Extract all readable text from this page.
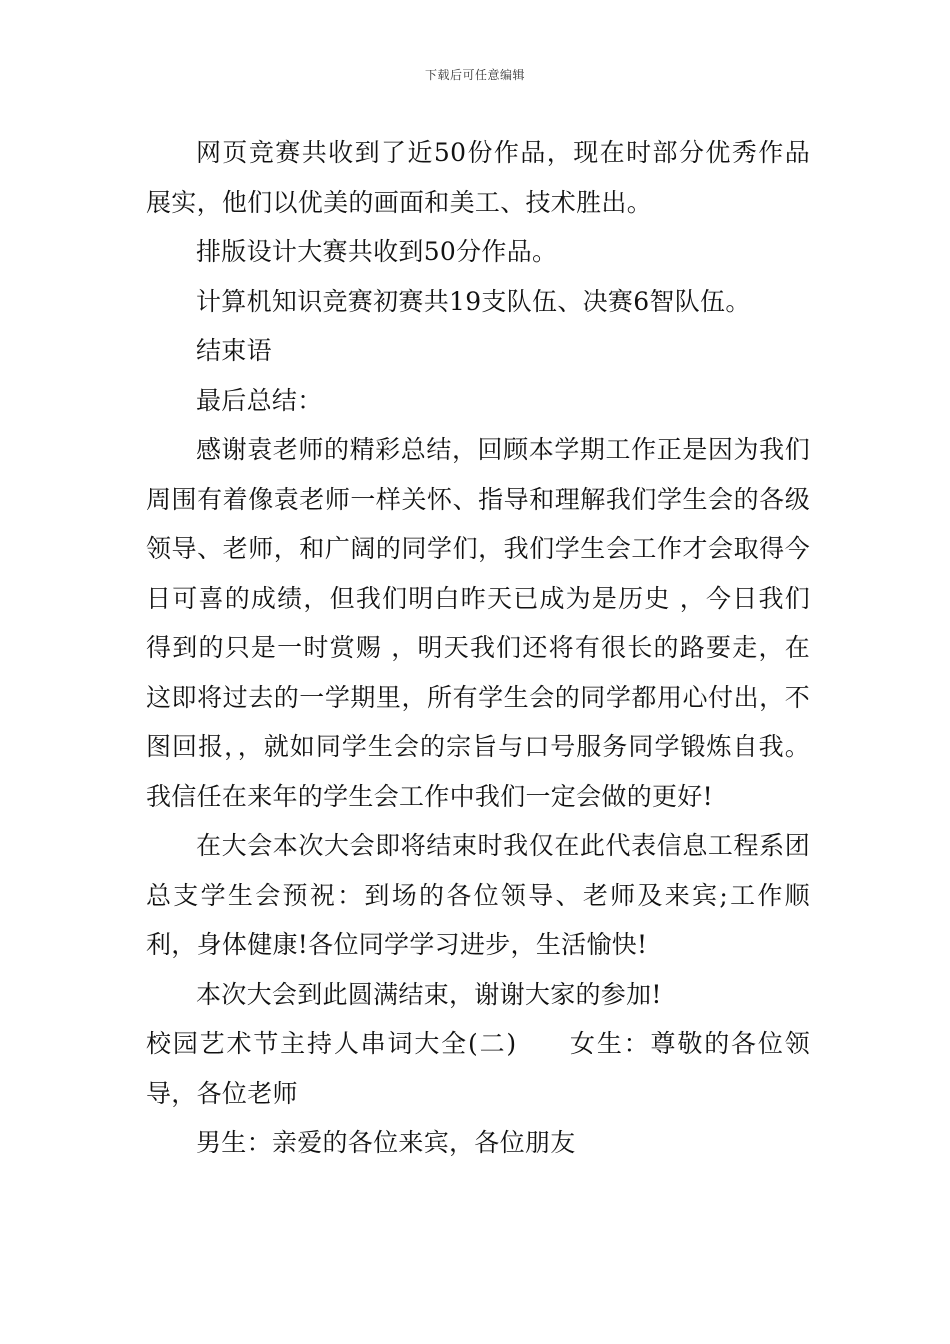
下载后可任意编辑

网页竞赛共收到了近50份作品，现在时部分优秀作品展实，他们以优美的画面和美工、技术胜出。

排版设计大赛共收到50分作品。

计算机知识竞赛初赛共19支队伍、决赛6智队伍。

结束语

最后总结：

感谢袁老师的精彩总结，回顾本学期工作正是因为我们周围有着像袁老师一样关怀、指导和理解我们学生会的各级领导、老师，和广阔的同学们，我们学生会工作才会取得今日可喜的成绩，但我们明白昨天已成为是历史 ，今日我们得到的只是一时赏赐 ，明天我们还将有很长的路要走，在这即将过去的一学期里，所有学生会的同学都用心付出，不图回报，，就如同学生会的宗旨与口号服务同学锻炼自我。我信任在来年的学生会工作中我们一定会做的更好!

在大会本次大会即将结束时我仅在此代表信息工程系团总支学生会预祝：到场的各位领导、老师及来宾;工作顺利，身体健康!各位同学学习进步，生活愉快!

本次大会到此圆满结束，谢谢大家的参加!

校园艺术节主持人串词大全(二) 女生：尊敬的各位领导，各位老师

男生：亲爱的各位来宾，各位朋友
